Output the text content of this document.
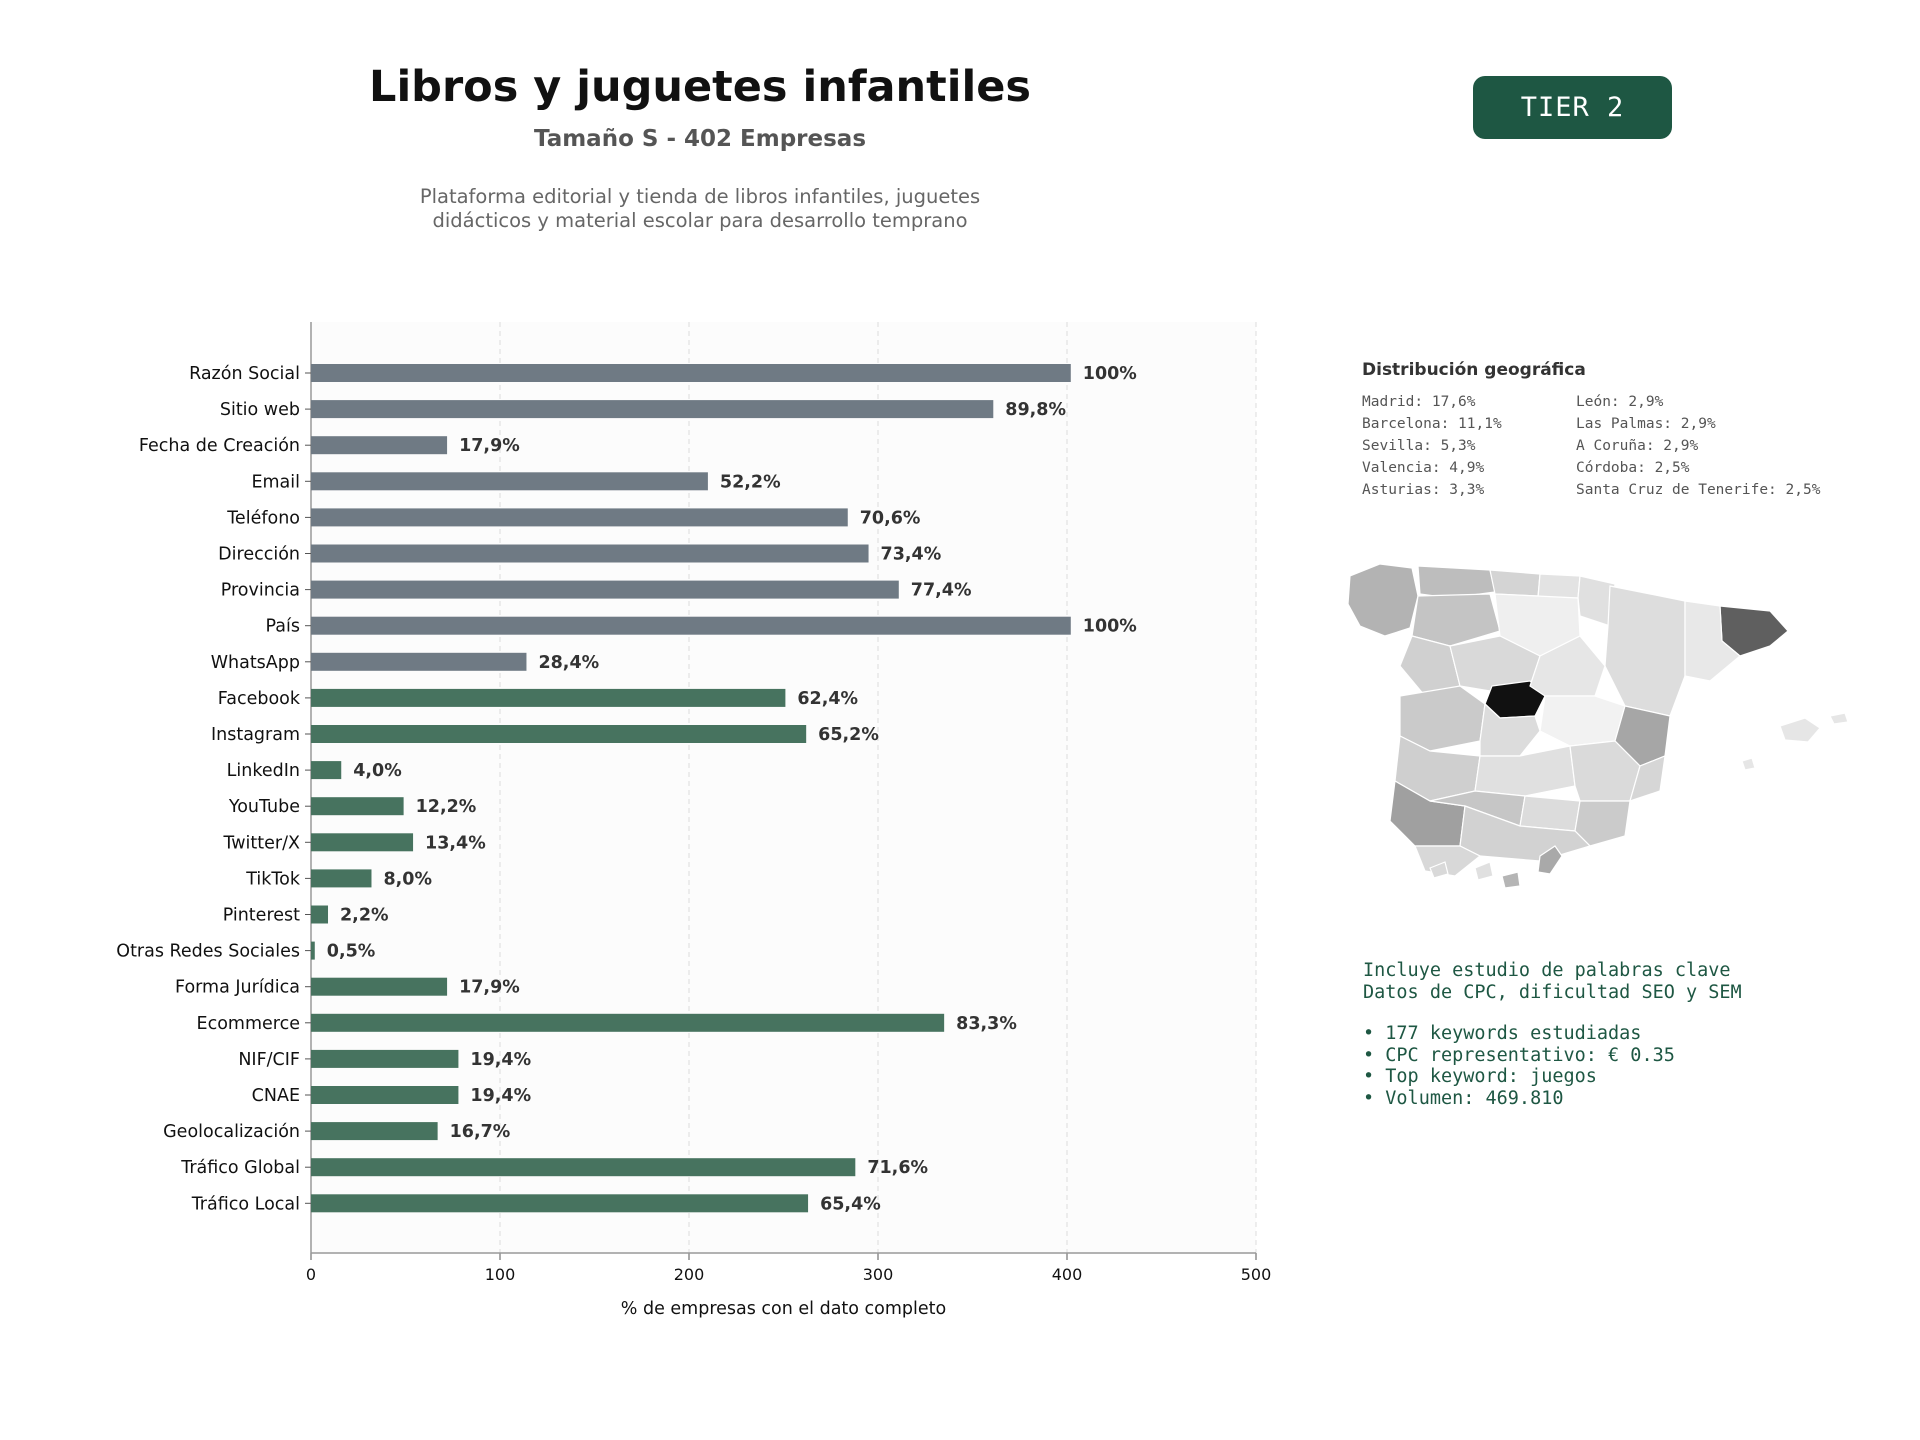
Libros y juguetes infantiles
Tamaño S - 402 Empresas
Plataforma editorial y tienda de libros infantiles, juguetes
didácticos y material escolar para desarrollo temprano
TIER 2
0	100	200	300	400	500
Razón Social	100%
Sitio web	89,8%
Fecha de Creación	17,9%
Email	52,2%
Teléfono	70,6%
Dirección	73,4%
Provincia	77,4%
País	100%
WhatsApp	28,4%
Facebook	62,4%
Instagram	65,2%
LinkedIn	4,0%
YouTube	12,2%
Twitter/X	13,4%
TikTok	8,0%
Pinterest 2,2%
Otras Redes Sociales 0,5%
Forma Jurídica	17,9%
Ecommerce	83,3%
NIF/CIF	19,4%
CNAE	19,4%
Geolocalización	16,7%
Tráfico Global	71,6%
Tráfico Local	65,4%
% de empresas con el dato completo
Distribución geográfica
Madrid: 17,6%	León: 2,9%
Barcelona: 11,1%	Las Palmas: 2,9%
Sevilla: 5,3%	A Coruña: 2,9%
Valencia: 4,9%	Córdoba: 2,5%
Asturias: 3,3%	Santa Cruz de Tenerife: 2,5%
Incluye estudio de palabras clave
Datos de CPC, dificultad SEO y SEM
• 177 keywords estudiadas
• CPC representativo: € 0.35
• Top keyword: juegos
• Volumen: 469.810
